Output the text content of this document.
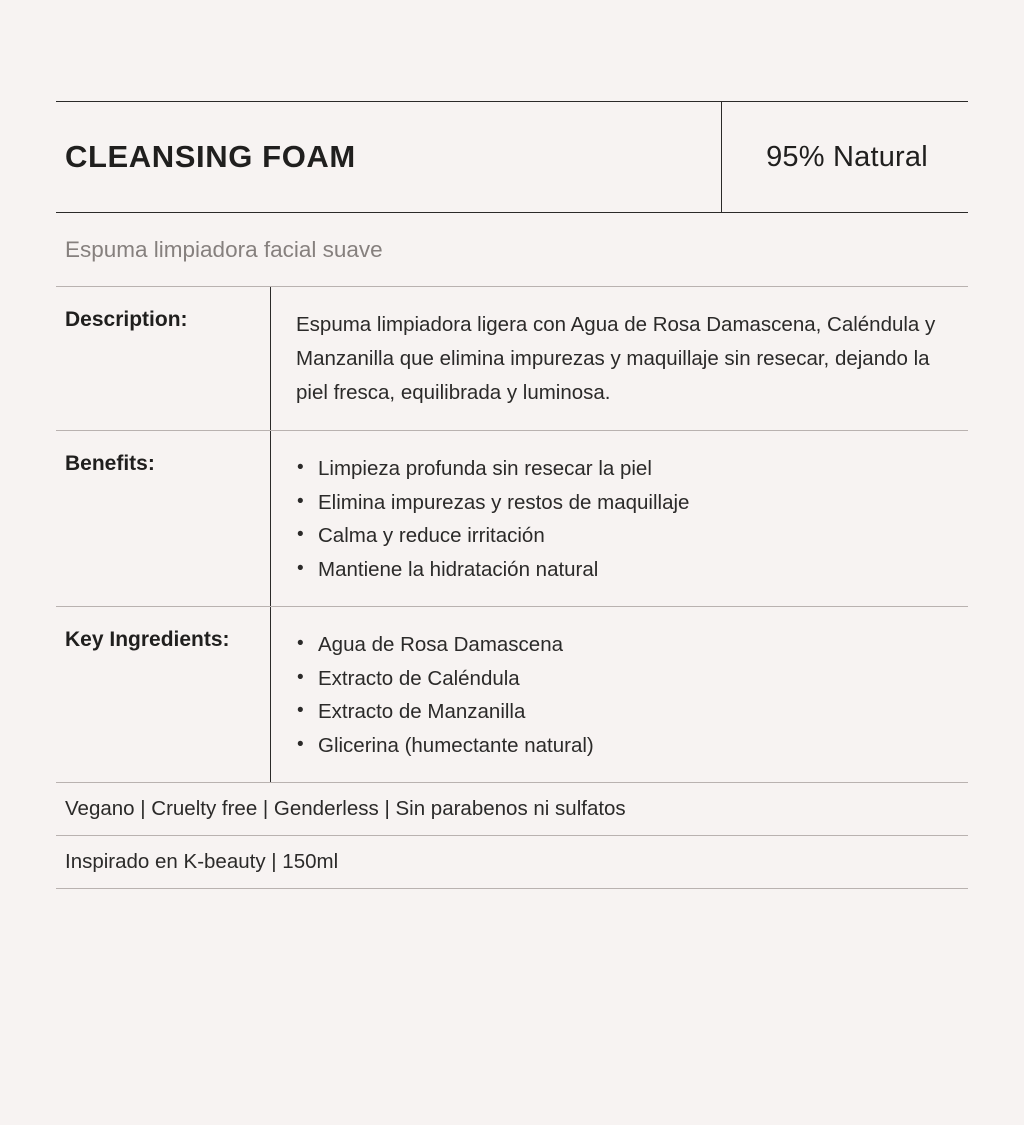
CLEANSING FOAM	95% Natural
Espuma limpiadora facial suave
Description:	Espuma limpiadora ligera con Agua de Rosa Damascena, Caléndula y Manzanilla que elimina impurezas y maquillaje sin resecar, dejando la piel fresca, equilibrada y luminosa.

Benefits:	• Limpieza profunda sin resecar la piel
• Elimina impurezas y restos de maquillaje
• Calma y reduce irritación
• Mantiene la hidratación natural
Key Ingredients:	• Agua de Rosa Damascena
• Extracto de Caléndula
• Extracto de Manzanilla
• Glicerina (humectante natural)
Vegano | Cruelty free | Genderless | Sin parabenos ni sulfatos
Inspirado en K-beauty | 150ml
